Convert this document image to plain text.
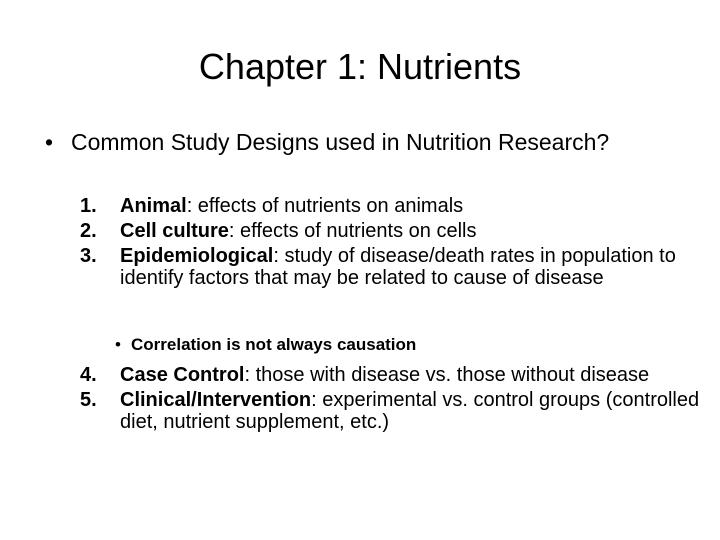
Chapter 1: Nutrients
• Common Study Designs used in Nutrition Research?
1. Animal: effects of nutrients on animals
2. Cell culture: effects of nutrients on cells
3. Epidemiological: study of disease/death rates in population to identify factors that may be related to cause of disease
• Correlation is not always causation
4. Case Control: those with disease vs. those without disease
5. Clinical/Intervention: experimental vs. control groups (controlled diet, nutrient supplement, etc.)
